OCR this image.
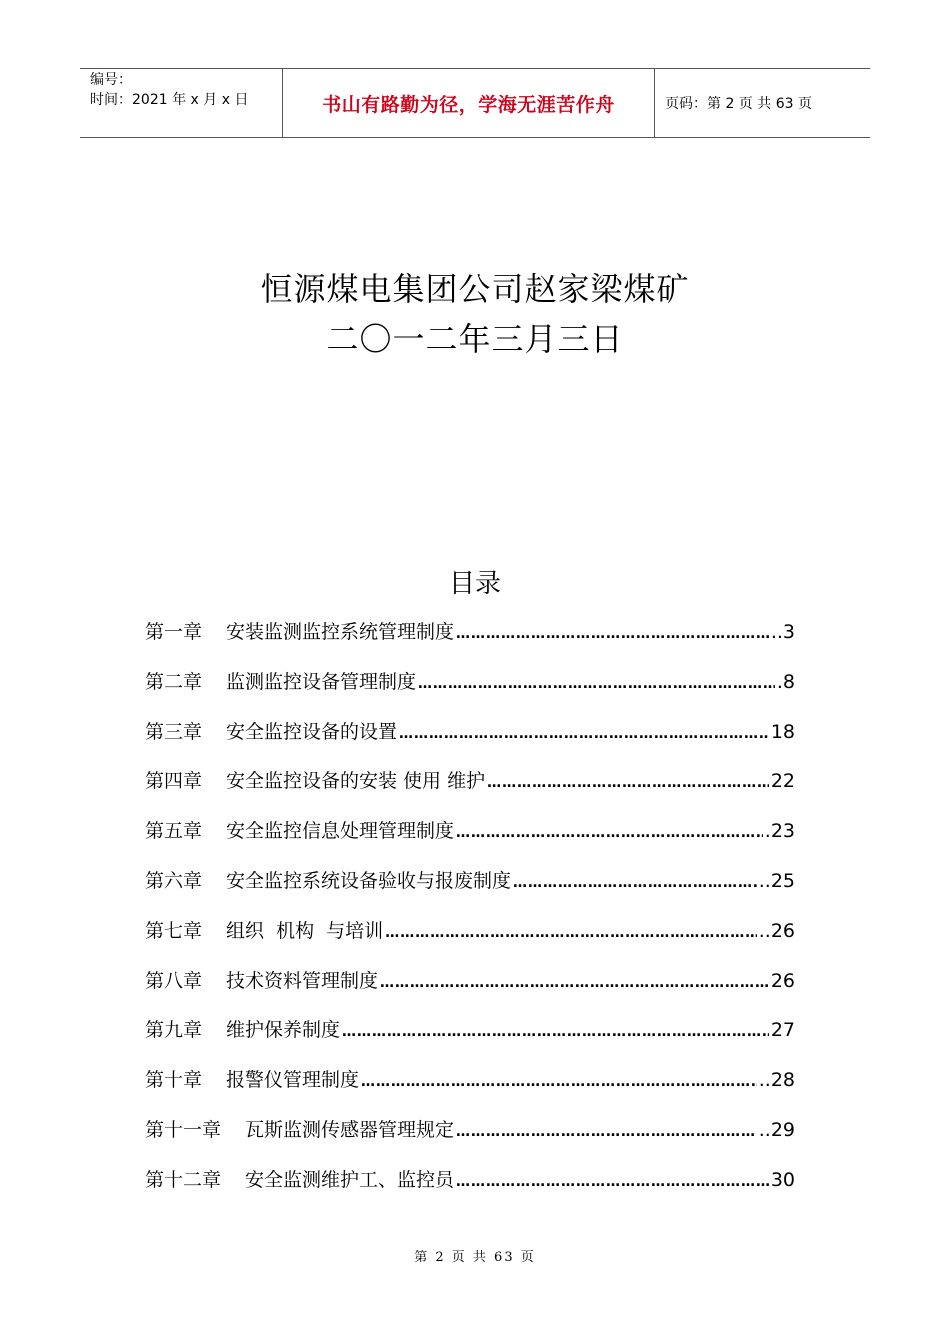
编号：
时间：2021 年 x 月 x 日	书山有路勤为径，学海无涯苦作舟	页码：第 2 页 共 63 页
恒源煤电集团公司赵家梁煤矿
二〇一二年三月三日
目录
第一章 安装监测监控系统管理制度 …………………………………………………………………………………………………………	..3
第二章 监测监控设备管理制度 …………………………………………………………………………………………………………	.8
第三章 安全监控设备的设置 …………………………………………………………………………………………………………	18
第四章 安全监控设备的安装 使用 维护 …………………………………………………………………………………………………………	22
第五章 安全监控信息处理管理制度 …………………………………………………………………………………………………………	.23
第六章 安全监控系统设备验收与报废制度 …………………………………………………………………………………………………………	..25
第七章 组织  机构  与培训 …………………………………………………………………………………………………………	..26
第八章 技术资料管理制度 …………………………………………………………………………………………………………	26
第九章 维护保养制度 …………………………………………………………………………………………………………	27
第十章 报警仪管理制度 …………………………………………………………………………………………………………	..28
第十一章 瓦斯监测传感器管理规定 …………………………………………………………………………………………………………	..29
第十二章 安全监测维护工、监控员 …………………………………………………………………………………………………………	30
第 2 页 共 63 页
